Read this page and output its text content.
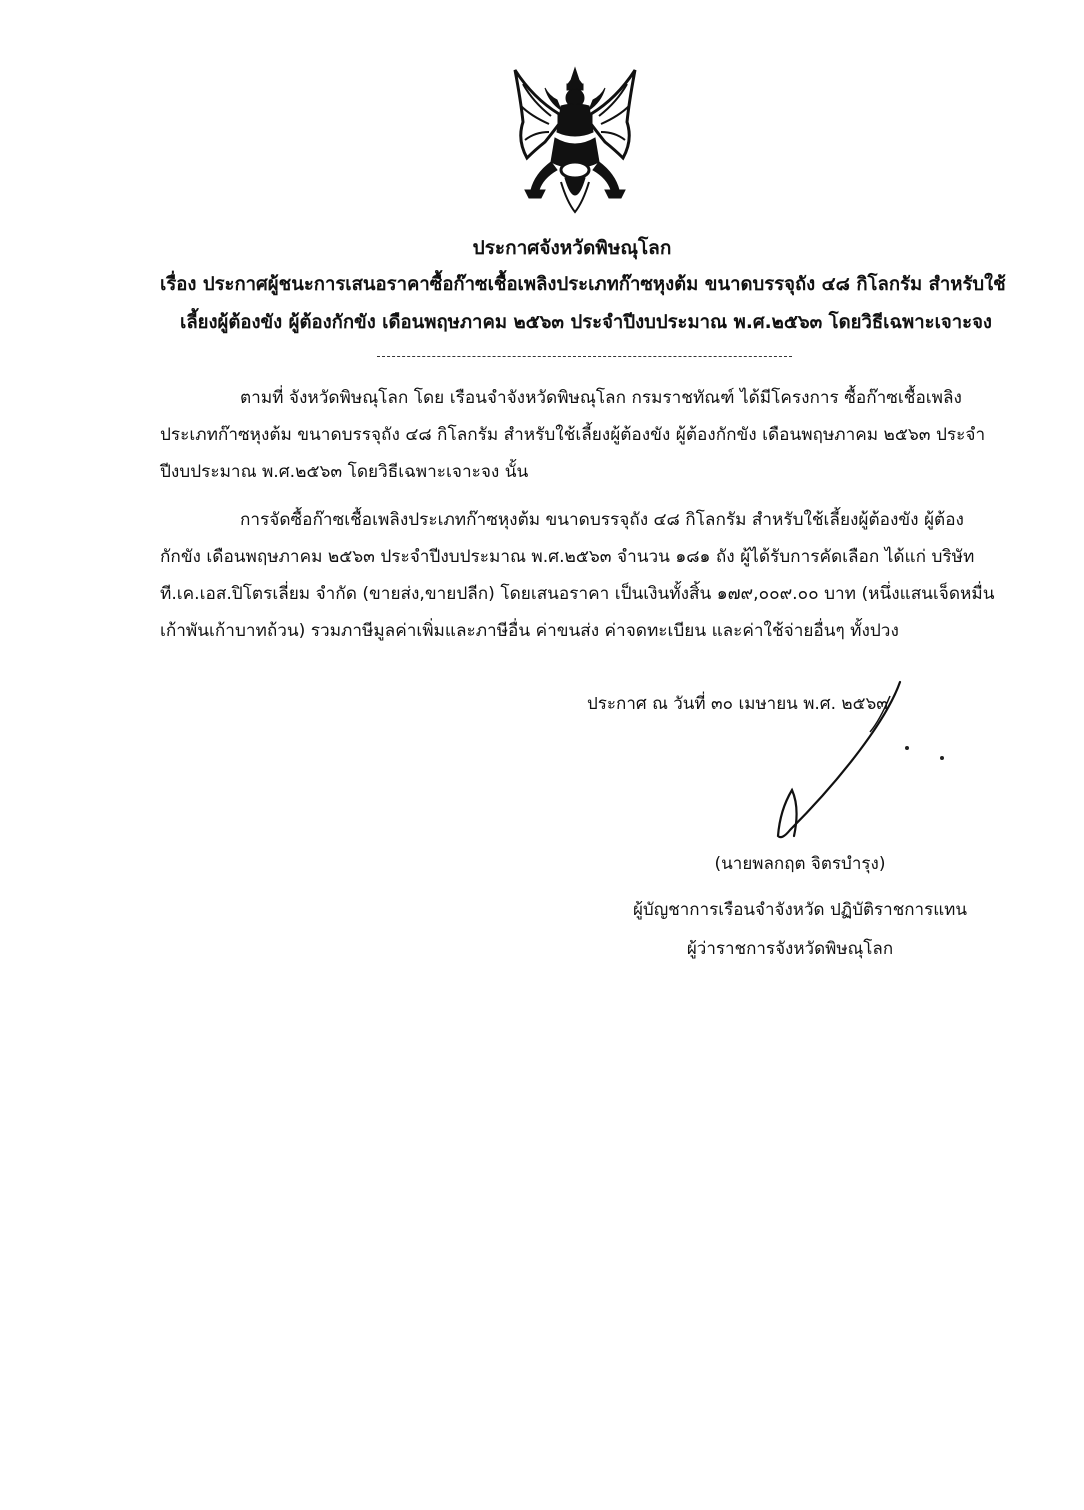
ประกาศจังหวัดพิษณุโลก
เรื่อง ประกาศผู้ชนะการเสนอราคาซื้อก๊าซเชื้อเพลิงประเภทก๊าซหุงต้ม ขนาดบรรจุถัง ๔๘ กิโลกรัม สำหรับใช้
เลี้ยงผู้ต้องขัง ผู้ต้องกักขัง เดือนพฤษภาคม ๒๕๖๓ ประจำปีงบประมาณ พ.ศ.๒๕๖๓ โดยวิธีเฉพาะเจาะจง
ตามที่ จังหวัดพิษณุโลก โดย เรือนจำจังหวัดพิษณุโลก กรมราชทัณฑ์ ได้มีโครงการ ซื้อก๊าซเชื้อเพลิง
ประเภทก๊าซหุงต้ม ขนาดบรรจุถัง ๔๘ กิโลกรัม สำหรับใช้เลี้ยงผู้ต้องขัง ผู้ต้องกักขัง เดือนพฤษภาคม ๒๕๖๓ ประจำ
ปีงบประมาณ พ.ศ.๒๕๖๓ โดยวิธีเฉพาะเจาะจง นั้น
การจัดซื้อก๊าซเชื้อเพลิงประเภทก๊าซหุงต้ม ขนาดบรรจุถัง ๔๘ กิโลกรัม สำหรับใช้เลี้ยงผู้ต้องขัง ผู้ต้อง
กักขัง เดือนพฤษภาคม ๒๕๖๓ ประจำปีงบประมาณ พ.ศ.๒๕๖๓ จำนวน ๑๘๑ ถัง ผู้ได้รับการคัดเลือก ได้แก่ บริษัท
ที.เค.เอส.ปิโตรเลี่ยม จำกัด (ขายส่ง,ขายปลีก) โดยเสนอราคา เป็นเงินทั้งสิ้น ๑๗๙,๐๐๙.๐๐ บาท (หนึ่งแสนเจ็ดหมื่น
เก้าพันเก้าบาทถ้วน) รวมภาษีมูลค่าเพิ่มและภาษีอื่น ค่าขนส่ง ค่าจดทะเบียน และค่าใช้จ่ายอื่นๆ ทั้งปวง
ประกาศ ณ วันที่ ๓๐ เมษายน พ.ศ. ๒๕๖๓
(นายพลกฤต จิตรบำรุง)
ผู้บัญชาการเรือนจำจังหวัด ปฏิบัติราชการแทน
ผู้ว่าราชการจังหวัดพิษณุโลก
